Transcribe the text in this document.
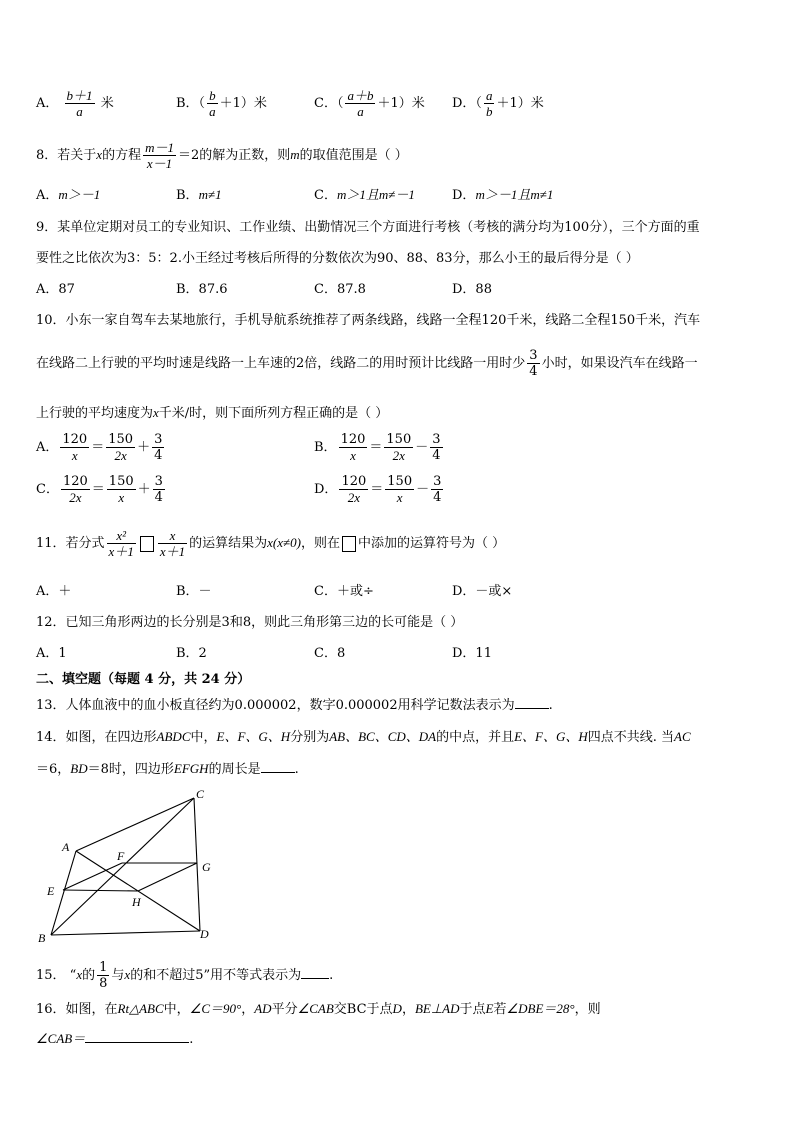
A． $\frac{b+1}{a}$ 米	B．（ $\frac{b}{a} +1$）米	C．（ $\frac{a+b}{a} +1$）米 D．（ $\frac{a}{b} +1$）米
8．若关于x的方程 $\frac{m-1}{x-1} =2$的解为正数，则m的取值范围是（ ）
A．m＞－1	B．m≠1	C．m＞1且m≠－1	D．m＞－1且m≠1
9．某单位定期对员工的专业知识、工作业绩、出勤情况三个方面进行考核（考核的满分均为100分），三个方面的重
要性之比依次为3：5：2.小王经过考核后所得的分数依次为90、88、83分，那么小王的最后得分是（ ）
A．87	B．87.6	C．87.8	D．88
10．小东一家自驾车去某地旅行，手机导航系统推荐了两条线路，线路一全程120千米，线路二全程150千米，汽车
在线路二上行驶的平均时速是线路一上车速的2倍，线路二的用时预计比线路一用时少 $\frac{3}{4}$ 小时，如果设汽车在线路一
上行驶的平均速度为x千米/时，则下面所列方程正确的是（ ）
A． $\frac{120}{x} = \frac{150}{2x} + \frac{3}{4}$	B． $\frac{120}{x} = \frac{150}{2x} - \frac{3}{4}$
C． $\frac{120}{2x} = \frac{150}{x} + \frac{3}{4}$	D． $\frac{120}{2x} = \frac{150}{x} - \frac{3}{4}$
11．若分式 $\frac{\text{x²}}{x+1} \frac{x}{x+1}$ 的运算结果为x(x≠0)，则在 中添加的运算符号为（ ）
A．＋	B．－	C．＋或÷	D．－或×
12．已知三角形两边的长分别是3和8，则此三角形第三边的长可能是（ ）
A．1	B．2	C．8	D．11
二、填空题（每题 4 分，共 24 分）
13．人体血液中的血小板直径约为0.000002，数字0.000002用科学记数法表示为	.
14．如图，在四边形ABDC中，E、F、G、H分别为AB、BC、CD、DA的中点，并且E、F、G、H四点不共线. 当AC
＝6，BD＝8时，四边形EFGH的周长是	.
A
B
C
D
E
F
G
H
15． “x的 $\frac{1}{8}$ 与x的和不超过5”用不等式表示为 .
16．如图，在Rt△ABC中，∠C＝90°，AD平分∠CAB交BC于点D，BE⊥AD于点E若∠DBE＝28°，则
∠CAB＝	.
